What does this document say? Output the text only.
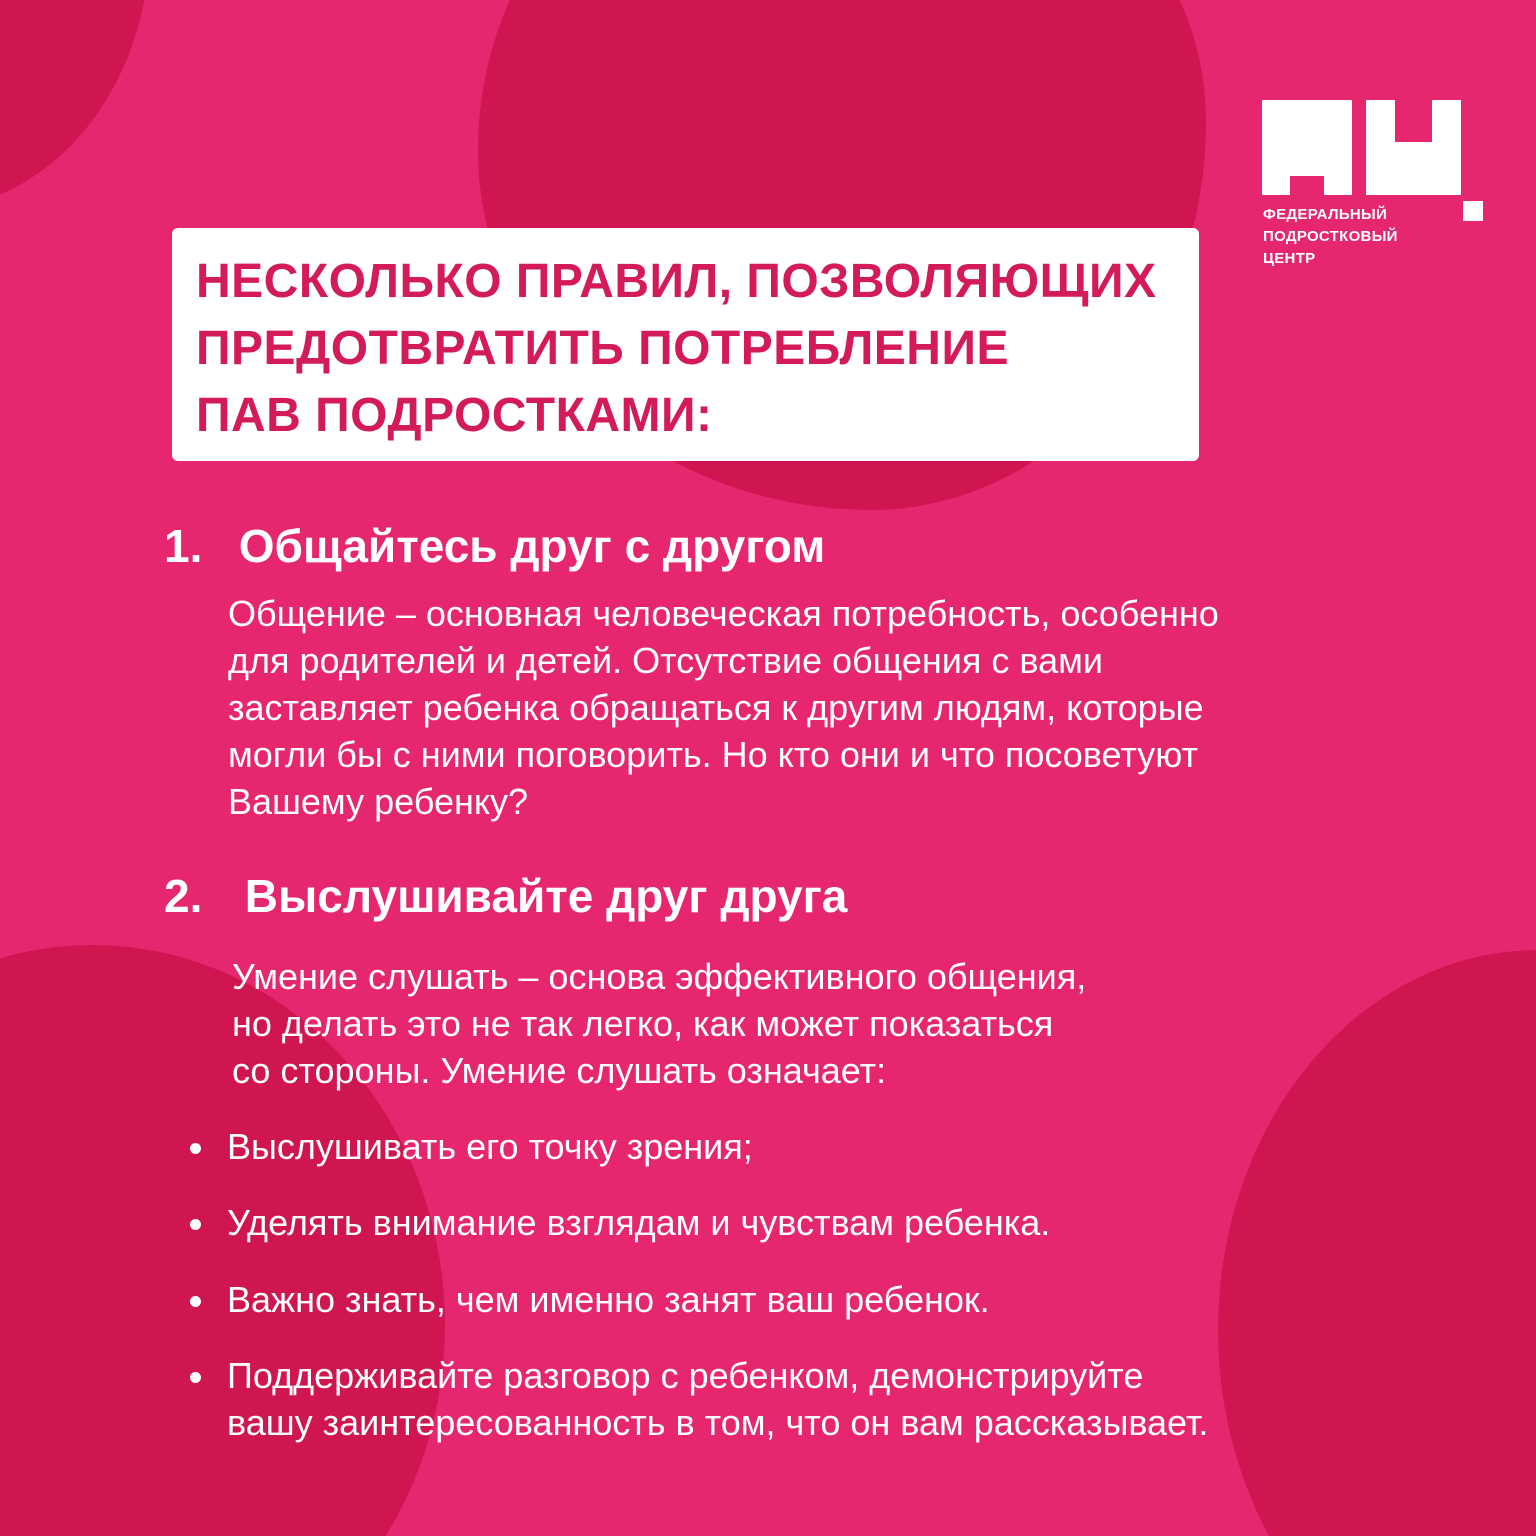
ФЕДЕРАЛЬНЫЙ
ПОДРОСТКОВЫЙ
ЦЕНТР
НЕСКОЛЬКО ПРАВИЛ, ПОЗВОЛЯЮЩИХ
ПРЕДОТВРАТИТЬ ПОТРЕБЛЕНИЕ
ПАВ ПОДРОСТКАМИ:
1. Общайтесь друг с другом
Общение – основная человеческая потребность, особенно
для родителей и детей. Отсутствие общения с вами
заставляет ребенка обращаться к другим людям, которые
могли бы с ними поговорить. Но кто они и что посоветуют
Вашему ребенку?
2. Выслушивайте друг друга
Умение слушать – основа эффективного общения,
но делать это не так легко, как может показаться
со стороны. Умение слушать означает:
Выслушивать его точку зрения;
Уделять внимание взглядам и чувствам ребенка.
Важно знать, чем именно занят ваш ребенок.
Поддерживайте разговор с ребенком, демонстрируйте
вашу заинтересованность в том, что он вам рассказывает.
